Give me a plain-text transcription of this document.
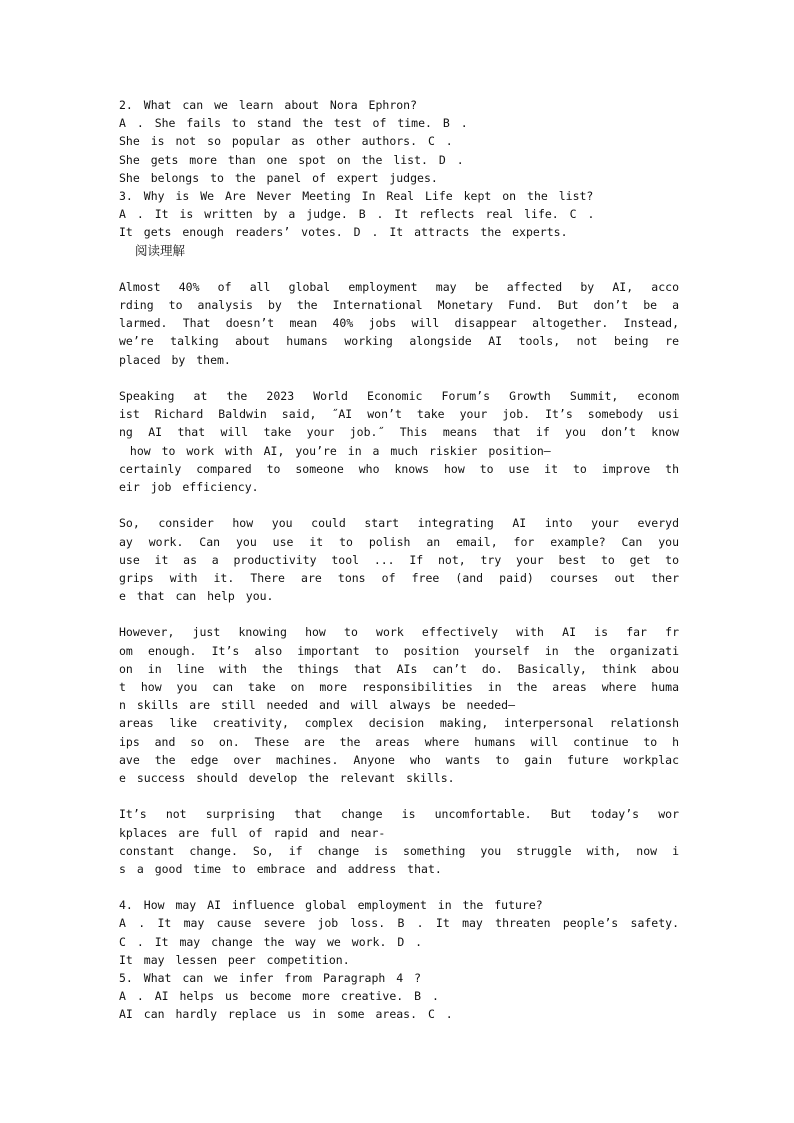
2. What can we learn about Nora Ephron?
A . She fails to stand the test of time. B .
She is not so popular as other authors. C .
She gets more than one spot on the list. D .
She belongs to the panel of expert judges.
3. Why is We Are Never Meeting In Real Life kept on the list?
A . It is written by a judge. B . It reflects real life. C .
It gets enough readers’ votes. D . It attracts the experts.
阅读理解
Almost 40% of all global employment may be affected by AI, acco
rding to analysis by the International Monetary Fund. But don’t be a
larmed. That doesn’t mean 40% jobs will disappear altogether. Instead,
we’re talking about humans working alongside AI tools, not being re
placed by them.
Speaking at the 2023 World Economic Forum’s Growth Summit, econom
ist Richard Baldwin said, ˝AI won’t take your job. It’s somebody usi
ng AI that will take your job.˝ This means that if you don’t know
how to work with AI, you’re in a much riskier position—
certainly compared to someone who knows how to use it to improve th
eir job efficiency.
So, consider how you could start integrating AI into your everyd
ay work. Can you use it to polish an email, for example? Can you
use it as a productivity tool ... If not, try your best to get to
grips with it. There are tons of free (and paid) courses out ther
e that can help you.
However, just knowing how to work effectively with AI is far fr
om enough. It’s also important to position yourself in the organizati
on in line with the things that AIs can’t do. Basically, think abou
t how you can take on more responsibilities in the areas where huma
n skills are still needed and will always be needed—
areas like creativity, complex decision making, interpersonal relationsh
ips and so on. These are the areas where humans will continue to h
ave the edge over machines. Anyone who wants to gain future workplac
e success should develop the relevant skills.
It’s not surprising that change is uncomfortable. But today’s wor
kplaces are full of rapid and near-
constant change. So, if change is something you struggle with, now i
s a good time to embrace and address that.
4. How may AI influence global employment in the future?
A . It may cause severe job loss. B . It may threaten people’s safety.
C . It may change the way we work. D .
It may lessen peer competition.
5. What can we infer from Paragraph 4 ?
A . AI helps us become more creative. B .
AI can hardly replace us in some areas. C .
